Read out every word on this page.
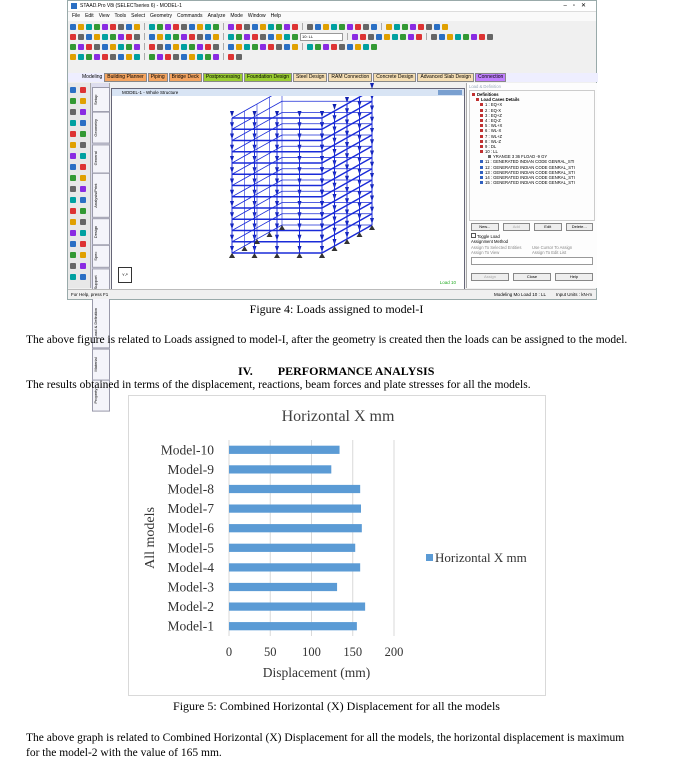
STAAD.Pro V8i (SELECTseries 6) - MODEL-1	–▫✕
File Edit View Tools Select Geometry Commands Analyze Mode Window Help
10: LL
Modeling	Building Planner	Piping	Bridge Deck	Postprocessing	Foundation Design	Steel Design	RAM Connection	Concrete Design	Advanced Slab Design	Connection
Setup
Geometry
General
Analysis/Print
Design
Spec
Support
Load & Definition
Material
Property
MODEL-1 - Whole Structure
Y↗
Load 10
Load & Definition
Definitions
Load Cases Details
1 : EQ+X
2 : EQ-X
3 : EQ+Z
4 : EQ-Z
5 : WL+X
6 : WL-X
7 : WL+Z
8 : WL-Z
9 : DL
10 : LL
YRANGE 3 36 FLOAD -9 GY
11 : GENERATED INDIAN CODE GENRAL_STI
12 : GENERATED INDIAN CODE GENRAL_STI
13 : GENERATED INDIAN CODE GENRAL_STI
14 : GENERATED INDIAN CODE GENRAL_STI
15 : GENERATED INDIAN CODE GENRAL_STI
New...	Add	Edit	Delete...
Toggle Load
Assignment Method
Assign To Selected Entities
Assign To View
Use Cursor To Assign
Assign To Edit List
Assign	Close	Help
For Help, press F1	Modeling Mo Load 10 : LL Input Units : kN-m
Figure 4: Loads assigned to model-I
The above figure is related to Loads assigned to model-I, after the geometry is created then the loads can be assigned to the model.
IV. PERFORMANCE ANALYSIS
The results obtained in terms of the displacement, reactions, beam forces and plate stresses for all the models.
Horizontal X mm
0	50 100 150 200
Model-1
Model-2
Model-3
Model-4
Model-5
Model-6
Model-7
Model-8
Model-9
Model-10
Displacement (mm)
All models	Horizontal X mm
Figure 5: Combined Horizontal (X) Displacement for all the models
The above graph is related to Combined Horizontal (X) Displacement for all the models, the horizontal displacement is maximum
for the model-2 with the value of 165 mm.
